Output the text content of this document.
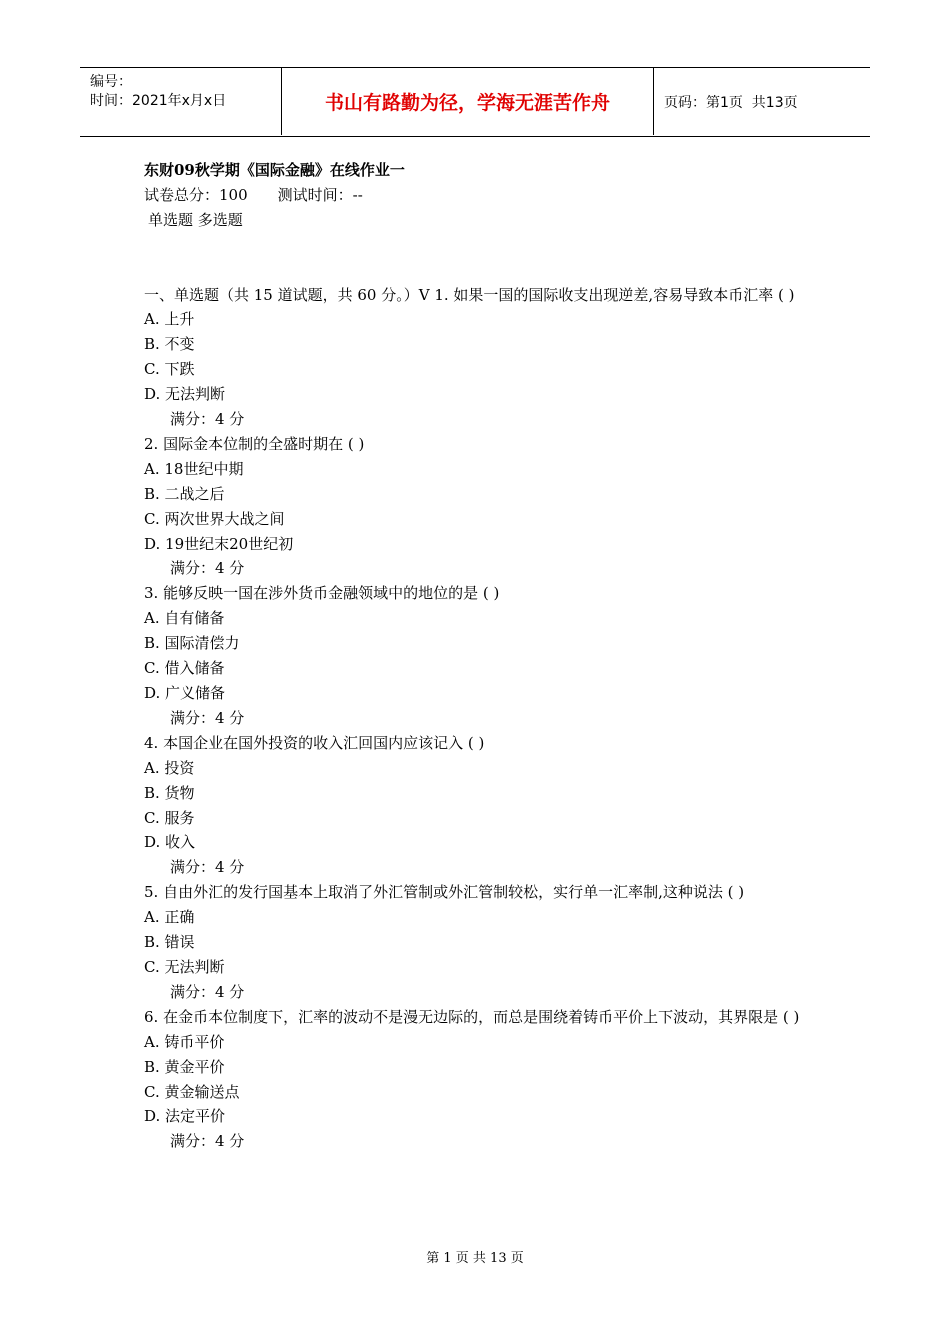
编号：
时间：2021年x月x日	书山有路勤为径，学海无涯苦作舟	页码：第1页  共13页
东财09秋学期《国际金融》在线作业一
试卷总分：100 测试时间：--
单选题 多选题
一、单选题（共 15 道试题，共 60 分。）V 1. 如果一国的国际收支出现逆差,容易导致本币汇率 ( )
A. 上升
B. 不变
C. 下跌
D. 无法判断
满分：4 分
2. 国际金本位制的全盛时期在 ( )
A. 18世纪中期
B. 二战之后
C. 两次世界大战之间
D. 19世纪末20世纪初
满分：4 分
3. 能够反映一国在涉外货币金融领域中的地位的是 ( )
A. 自有储备
B. 国际清偿力
C. 借入储备
D. 广义储备
满分：4 分
4. 本国企业在国外投资的收入汇回国内应该记入 ( )
A. 投资
B. 货物
C. 服务
D. 收入
满分：4 分
5. 自由外汇的发行国基本上取消了外汇管制或外汇管制较松，实行单一汇率制,这种说法 ( )
A. 正确
B. 错误
C. 无法判断
满分：4 分
6. 在金币本位制度下，汇率的波动不是漫无边际的，而总是围绕着铸币平价上下波动，其界限是 ( )
A. 铸币平价
B. 黄金平价
C. 黄金输送点
D. 法定平价
满分：4 分
第 1 页 共 13 页
